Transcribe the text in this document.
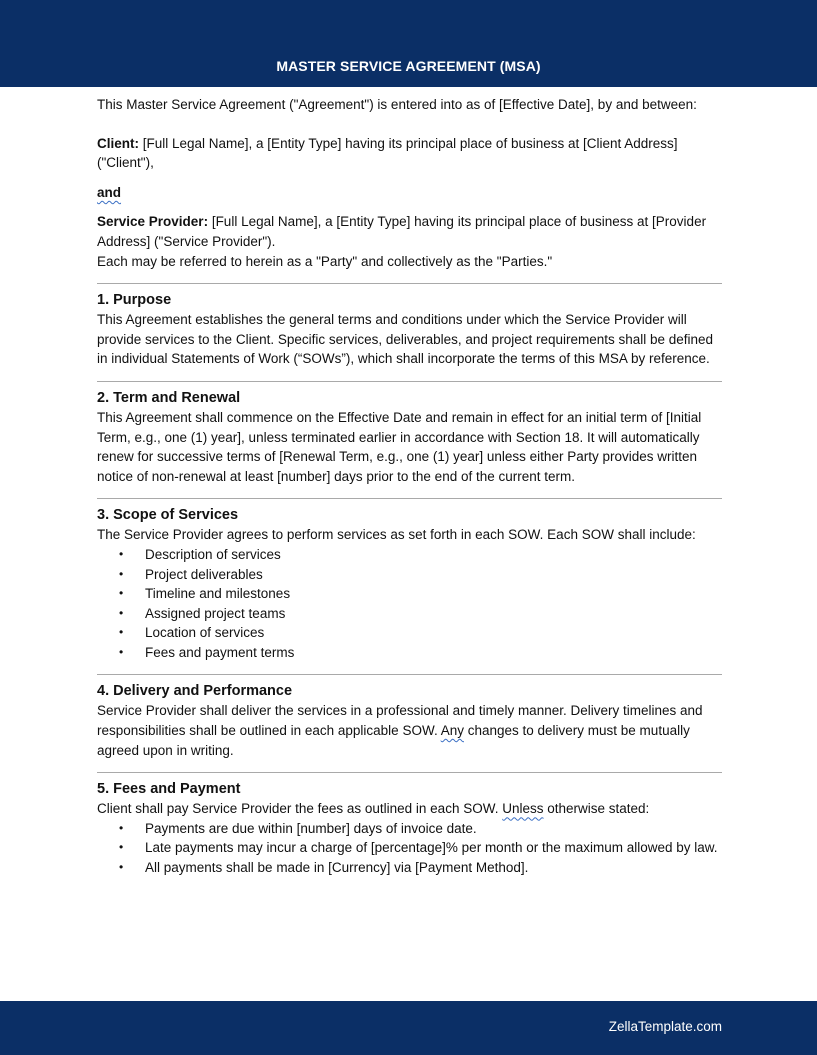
MASTER SERVICE AGREEMENT (MSA)

This Master Service Agreement ("Agreement") is entered into as of [Effective Date], by and between:

Client: [Full Legal Name], a [Entity Type] having its principal place of business at [Client Address] ("Client"),

and

Service Provider: [Full Legal Name], a [Entity Type] having its principal place of business at [Provider Address] ("Service Provider").

Each may be referred to herein as a "Party" and collectively as the "Parties."

1. Purpose

This Agreement establishes the general terms and conditions under which the Service Provider will provide services to the Client. Specific services, deliverables, and project requirements shall be defined in individual Statements of Work (“SOWs”), which shall incorporate the terms of this MSA by reference.

2. Term and Renewal

This Agreement shall commence on the Effective Date and remain in effect for an initial term of [Initial Term, e.g., one (1) year], unless terminated earlier in accordance with Section 18. It will automatically renew for successive terms of [Renewal Term, e.g., one (1) year] unless either Party provides written notice of non-renewal at least [number] days prior to the end of the current term.

3. Scope of Services

The Service Provider agrees to perform services as set forth in each SOW. Each SOW shall include:

• Description of services
• Project deliverables
• Timeline and milestones
• Assigned project teams
• Location of services
• Fees and payment terms
4. Delivery and Performance

Service Provider shall deliver the services in a professional and timely manner. Delivery timelines and responsibilities shall be outlined in each applicable SOW. Any changes to delivery must be mutually agreed upon in writing.

5. Fees and Payment

Client shall pay Service Provider the fees as outlined in each SOW. Unless otherwise stated:

• Payments are due within [number] days of invoice date.
• Late payments may incur a charge of [percentage]% per month or the maximum allowed by law.
• All payments shall be made in [Currency] via [Payment Method].
ZellaTemplate.com
